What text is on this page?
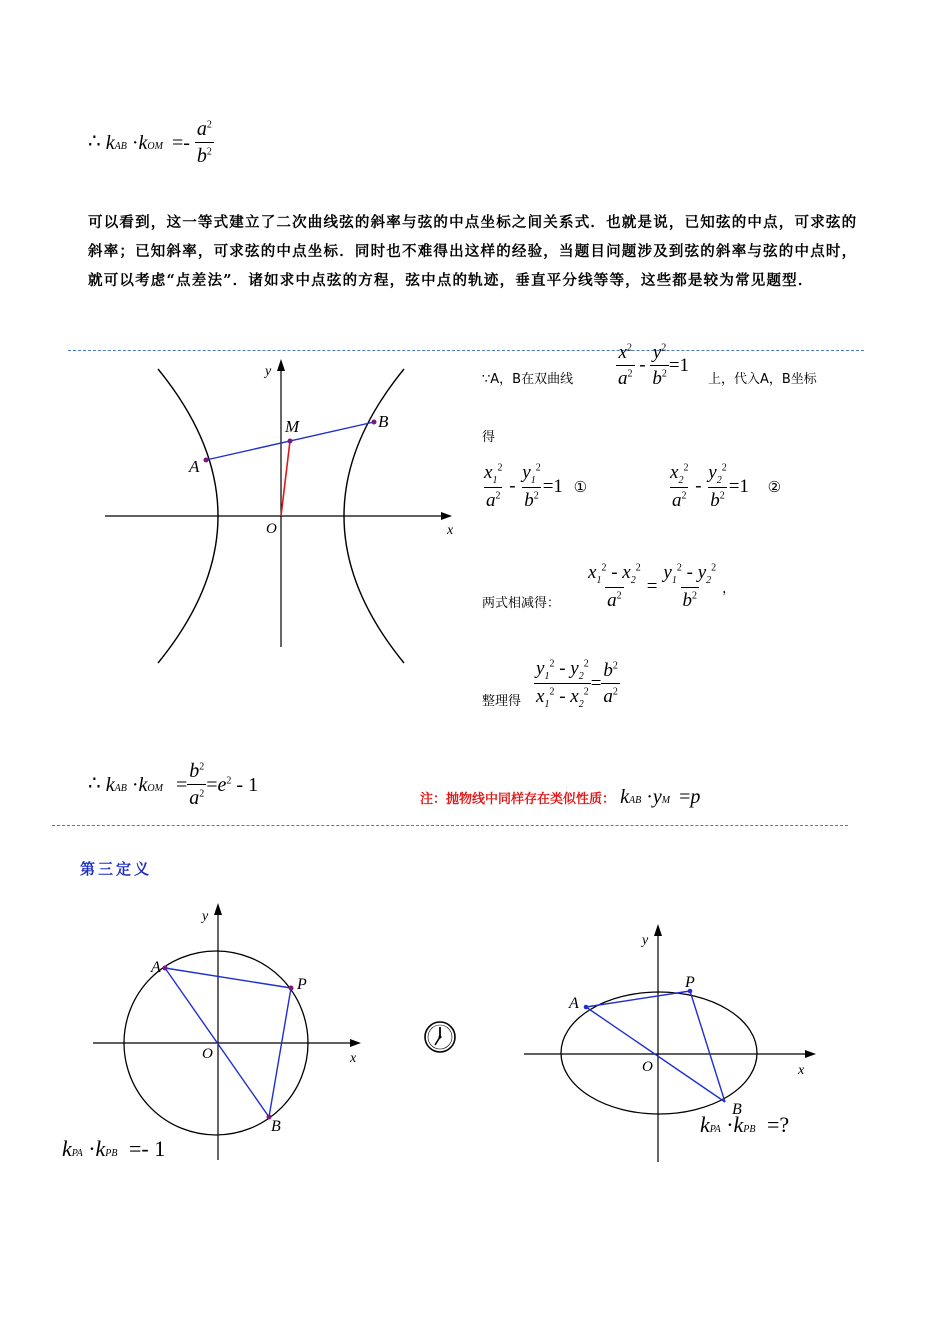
∴ kAB $\cdot kOM =- \frac{a^2}{b^2}$
可以看到，这一等式建立了二次曲线弦的斜率与弦的中点坐标之间关系式．也就是说，已知弦的中点，可求弦的斜率；已知斜率，可求弦的中点坐标．同时也不难得出这样的经验，当题目问题涉及到弦的斜率与弦的中点时，就可以考虑“点差法”．诸如求中点弦的方程，弦中点的轨迹，垂直平分线等等，这些都是较为常见题型．
y
x
O
M
A
B
∵A，B在双曲线 $\frac{x^2}{a^2} - \frac{y^2}{b^2} =1$
上，代入A，B坐标
得
$\frac{x_1^2}{a^2} - \frac{y_1^2}{b^2} =1$ ①	$\frac{x_2^2}{a^2} - \frac{y_2^2}{b^2} =1$ ②
两式相减得： $\frac{x_1^2 - x_2^2}{a^2} = \frac{y_1^2 - y_2^2}{b^2}$ ，
整理得 $\frac{y_1^2 - y_2^2}{x_1^2 - x_2^2} = \frac{b^2}{a^2}$
∴ kAB $\cdot kOM = \frac{b^2}{a^2} =e^2 - 1$
注：抛物线中同样存在类似性质： kAB ·yM =p
第三定义
y
x
O
A
P
B
kPA ·kPB =- 1
y
x
O
A
P
B
kPA ·kPB =?
